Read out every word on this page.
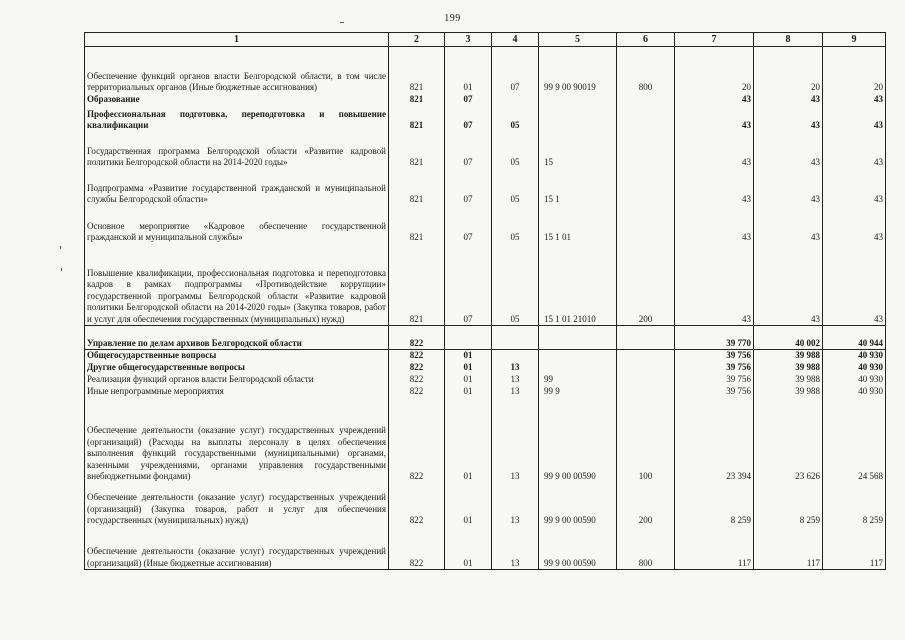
199
1	2	3	4	5	6	7	8	9
Обеспечение функций органов власти Белгородской области, в том числе территориальных органов (Иные бюджетные ассигнования)	821	01	07	99 9 00 90019	800	20	20	20
Образование	821	07				43	43	43
Профессиональная подготовка, переподготовка и повышение квалификации	821	07	05			43	43	43
Государственная программа Белгородской области «Развитие кадровой политики Белгородской области на 2014-2020 годы»	821	07	05	15		43	43	43
Подпрограмма «Развитие государственной гражданской и муниципальной службы Белгородской области»	821	07	05	15 1		43	43	43
Основное мероприятие «Кадровое обеспечение государственной гражданской и муниципальной службы»	821	07	05	15 1 01		43	43	43
Повышение квалификации, профессиональная подготовка и переподготовка кадров в рамках подпрограммы «Противодействие коррупции» государственной программы Белгородской области «Развитие кадровой политики Белгородской области на 2014-2020 годы» (Закупка товаров, работ и услуг для обеспечения государственных (муниципальных) нужд)	821	07	05	15 1 01 21010	200	43	43	43
Управление по делам архивов Белгородской области	822					39 770	40 002	40 944
Общегосударственные вопросы	822	01				39 756	39 988	40 930
Другие общегосударственные вопросы	822	01	13			39 756	39 988	40 930
Реализация функций органов власти Белгородской области	822	01	13	99		39 756	39 988	40 930
Иные непрограммные мероприятия	822	01	13	99 9		39 756	39 988	40 930
Обеспечение деятельности (оказание услуг) государственных учреждений (организаций) (Расходы на выплаты персоналу в целях обеспечения выполнения функций государственными (муниципальными) органами, казенными учреждениями, органами управления государственными внебюджетными фондами)	822	01	13	99 9 00 00590	100	23 394	23 626	24 568
Обеспечение деятельности (оказание услуг) государственных учреждений (организаций) (Закупка товаров, работ и услуг для обеспечения государственных (муниципальных) нужд)	822	01	13	99 9 00 00590	200	8 259	8 259	8 259
Обеспечение деятельности (оказание услуг) государственных учреждений (организаций) (Иные бюджетные ассигнования)	822	01	13	99 9 00 00590	800	117	117	117
